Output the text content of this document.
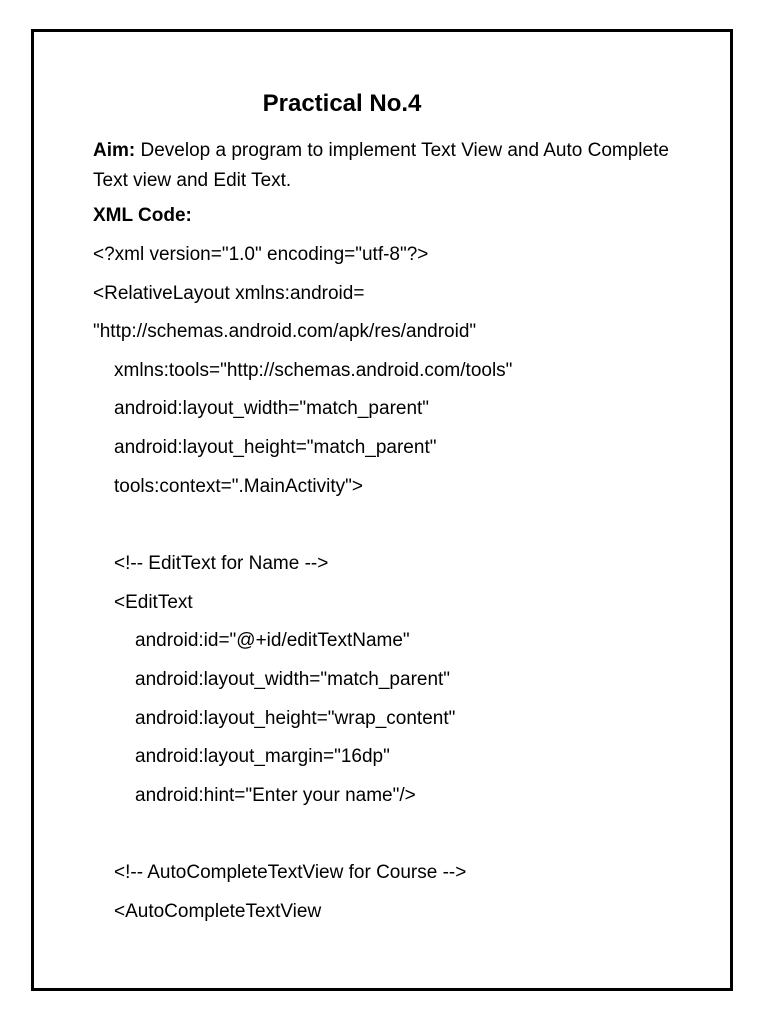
Practical No.4
Aim: Develop a program to implement Text View and Auto Complete Text view and Edit Text.
XML Code:
<?xml version="1.0" encoding="utf-8"?>
<RelativeLayout xmlns:android=
"http://schemas.android.com/apk/res/android"
xmlns:tools="http://schemas.android.com/tools"
android:layout_width="match_parent"
android:layout_height="match_parent"
tools:context=".MainActivity">
<!-- EditText for Name -->
<EditText
android:id="@+id/editTextName"
android:layout_width="match_parent"
android:layout_height="wrap_content"
android:layout_margin="16dp"
android:hint="Enter your name"/>
<!-- AutoCompleteTextView for Course -->
<AutoCompleteTextView
